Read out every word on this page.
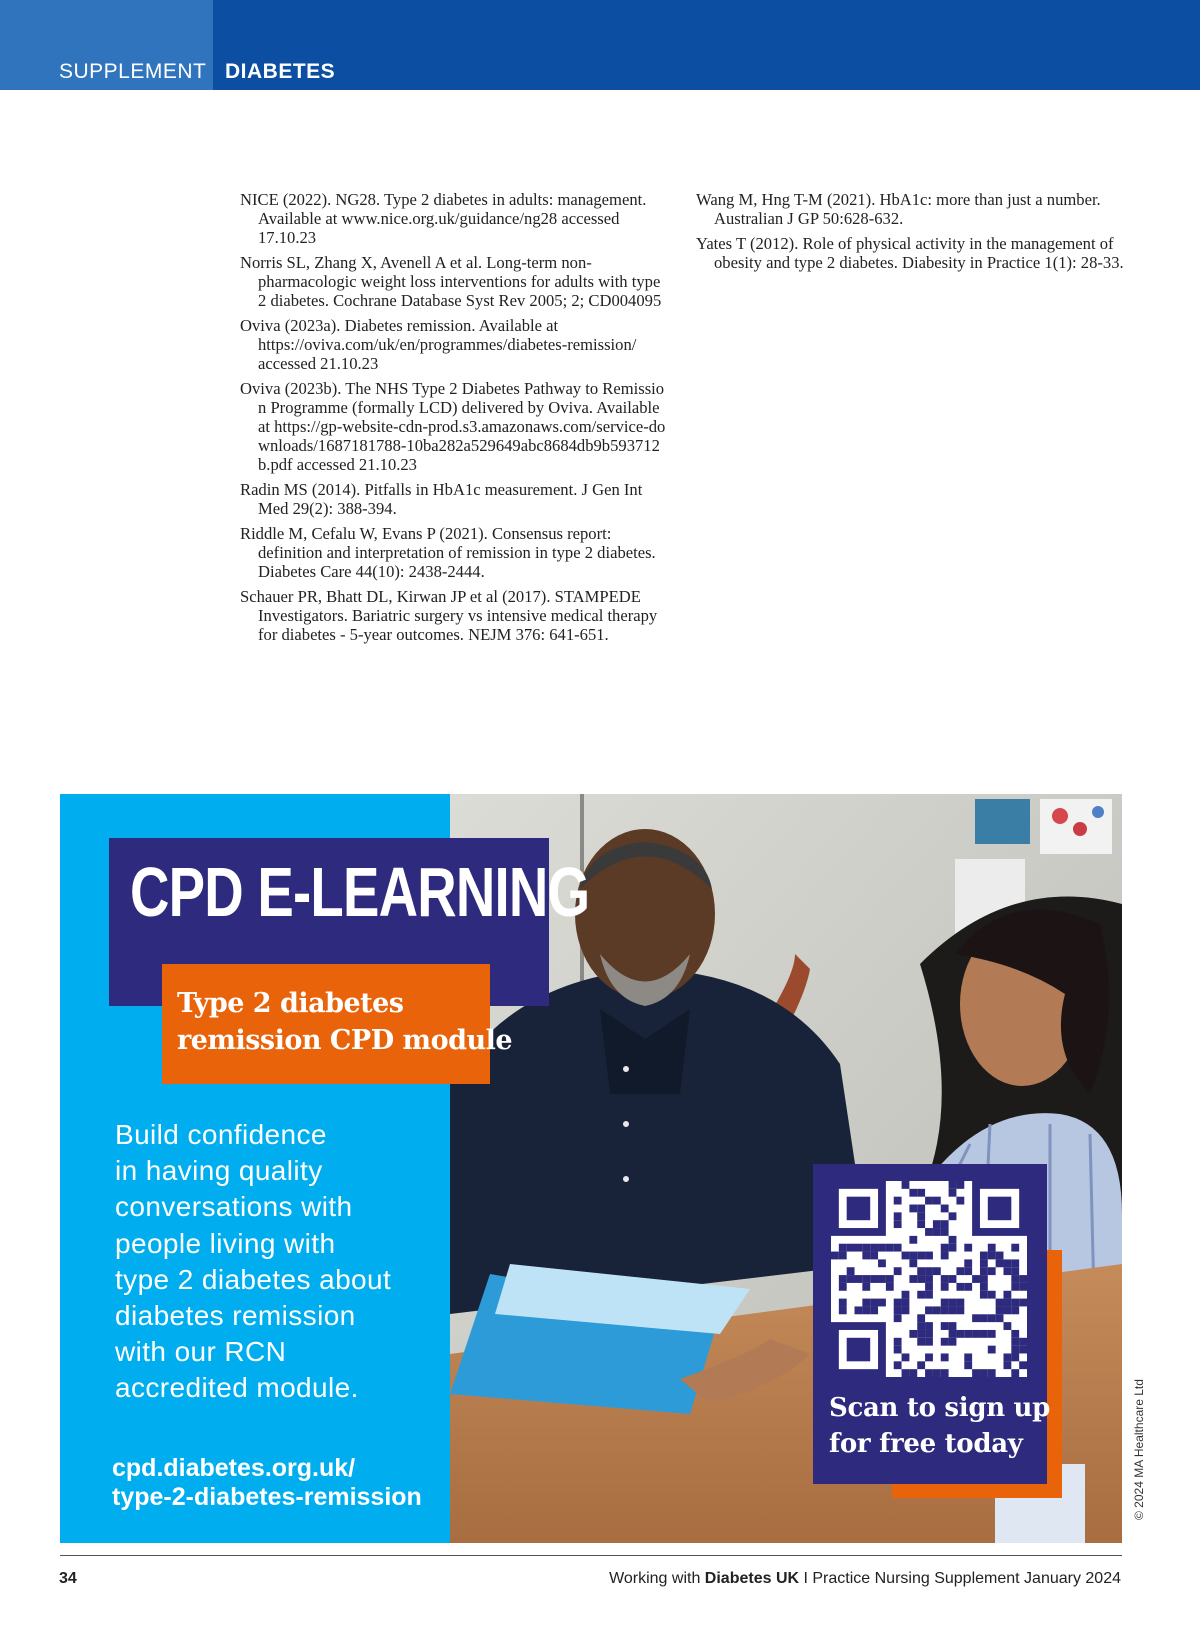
SUPPLEMENT DIABETES

NICE (2022). NG28. Type 2 diabetes in adults: management. Available at www.nice.org.uk/guidance/ng28 accessed 17.10.23

Norris SL, Zhang X, Avenell A et al. Long-term non-pharmacologic weight loss interventions for adults with type 2 diabetes. Cochrane Database Syst Rev 2005; 2; CD004095

Oviva (2023a). Diabetes remission. Available at https://oviva.com/uk/en/programmes/diabetes-remission/ accessed 21.10.23

Oviva (2023b). The NHS Type 2 Diabetes Pathway to Remission Programme (formally LCD) delivered by Oviva. Available at https://gp-website-cdn-prod.s3.amazonaws.com/service-downloads/1687181788-10ba282a529649abc8684db9b593712b.pdf accessed 21.10.23

Radin MS (2014). Pitfalls in HbA1c measurement. J Gen Int Med 29(2): 388-394.

Riddle M, Cefalu W, Evans P (2021). Consensus report: definition and interpretation of remission in type 2 diabetes. Diabetes Care 44(10): 2438-2444.

Schauer PR, Bhatt DL, Kirwan JP et al (2017). STAMPEDE Investigators. Bariatric surgery vs intensive medical therapy for diabetes - 5-year outcomes. NEJM 376: 641-651.

Wang M, Hng T-M (2021). HbA1c: more than just a number. Australian J GP 50:628-632.

Yates T (2012). Role of physical activity in the management of obesity and type 2 diabetes. Diabesity in Practice 1(1): 28-33.

CPD E-LEARNING
Type 2 diabetes
remission CPD module
Build confidence
in having quality
conversations with
people living with
type 2 diabetes about
diabetes remission
with our RCN
accredited module.
cpd.diabetes.org.uk/
type-2-diabetes-remission
Scan to sign up
for free today	© 2024 MA Healthcare Ltd
34	Working with Diabetes UK I Practice Nursing Supplement January 2024
